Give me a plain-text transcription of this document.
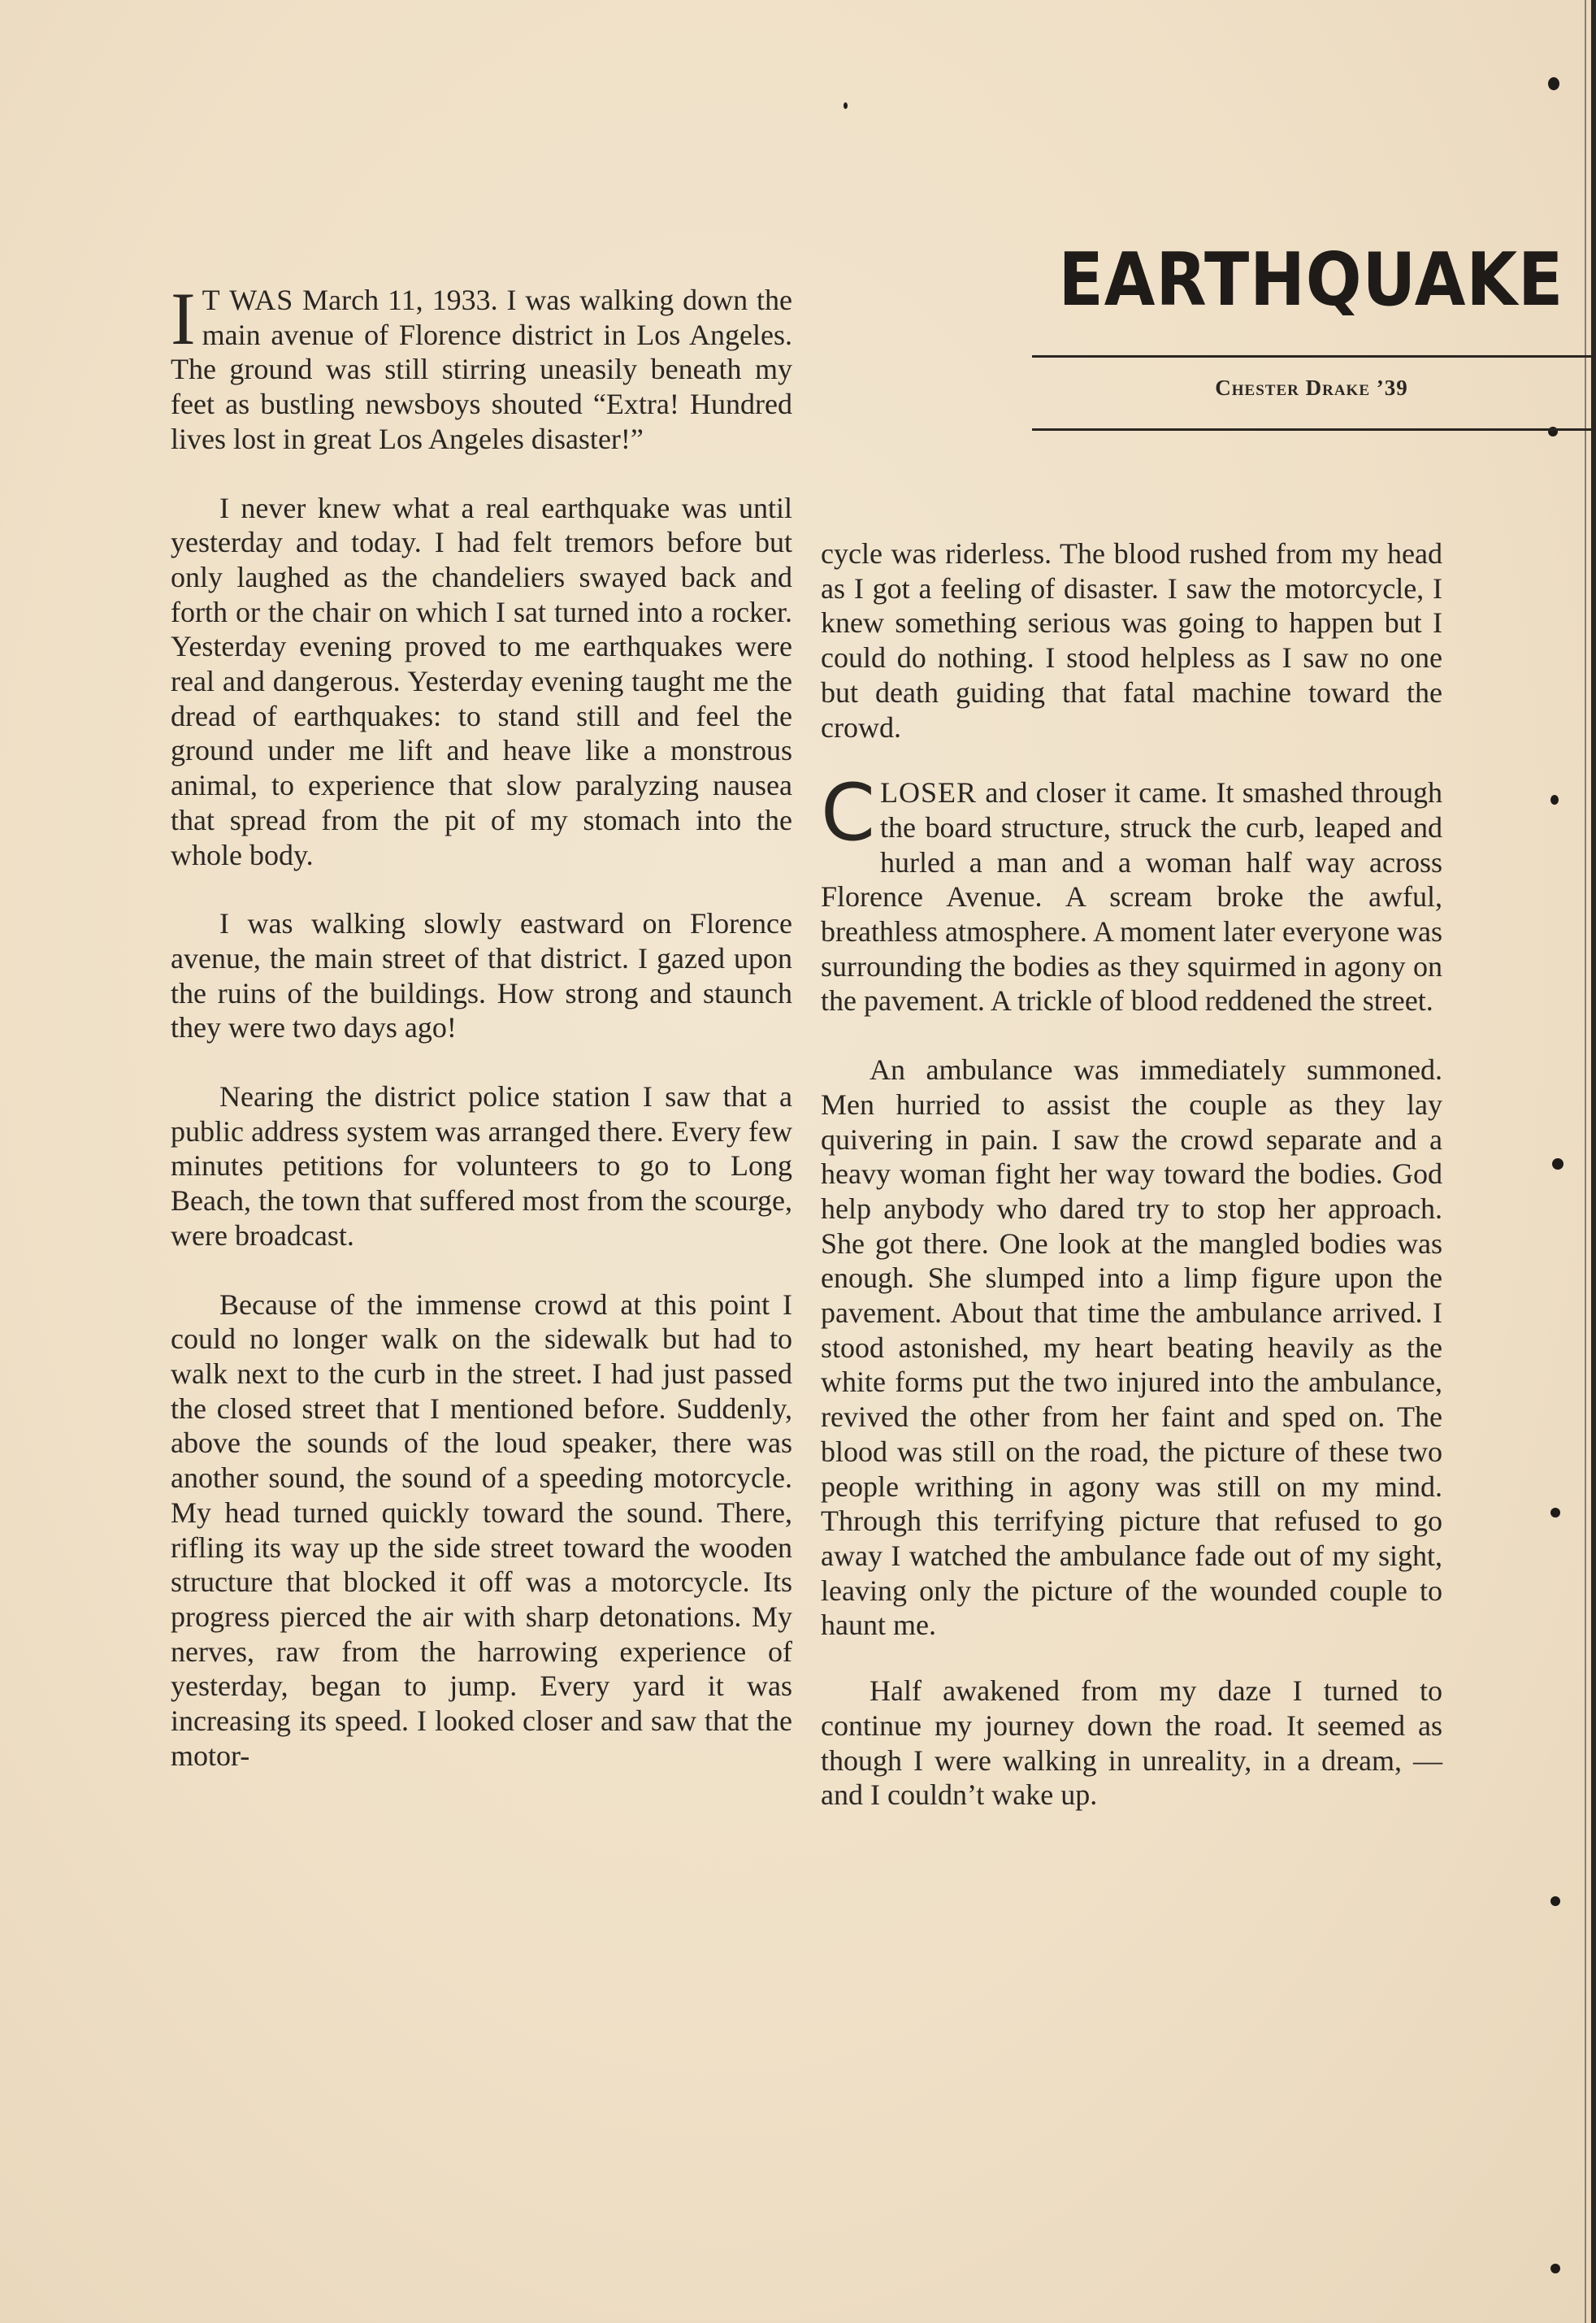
EARTHQUAKE
Chester Drake ’39

I T WAS March 11, 1933. I was walking down the main avenue of Florence district in Los Angeles. The ground was still stirring uneasily beneath my feet as bustling newsboys shouted “Extra! Hundred lives lost in great Los Angeles disaster!”

I never knew what a real earthquake was until yesterday and today. I had felt tremors before but only laughed as the chandeliers swayed back and forth or the chair on which I sat turned into a rocker. Yesterday evening proved to me earthquakes were real and dangerous. Yesterday evening taught me the dread of earthquakes: to stand still and feel the ground under me lift and heave like a monstrous animal, to experience that slow paralyzing nausea that spread from the pit of my stomach into the whole body.

I was walking slowly eastward on Florence avenue, the main street of that district. I gazed upon the ruins of the buildings. How strong and staunch they were two days ago!

Nearing the district police station I saw that a public address system was arranged there. Every few minutes petitions for volunteers to go to Long Beach, the town that suffered most from the scourge, were broadcast.

Because of the immense crowd at this point I could no longer walk on the sidewalk but had to walk next to the curb in the street. I had just passed the closed street that I mentioned before. Suddenly, above the sounds of the loud speaker, there was another sound, the sound of a speeding motorcycle. My head turned quickly toward the sound. There, rifling its way up the side street toward the wooden structure that blocked it off was a motorcycle. Its progress pierced the air with sharp detonations. My nerves, raw from the harrowing experience of yesterday, began to jump. Every yard it was increasing its speed. I looked closer and saw that the motor-

cycle was riderless. The blood rushed from my head as I got a feeling of disaster. I saw the motorcycle, I knew something serious was going to happen but I could do nothing. I stood helpless as I saw no one but death guiding that fatal machine toward the crowd.

CLOSER and closer it came. It smashed through the board structure, struck the curb, leaped and hurled a man and a woman half way across Florence Avenue. A scream broke the awful, breathless atmosphere. A moment later everyone was surrounding the bodies as they squirmed in agony on the pavement. A trickle of blood reddened the street.

An ambulance was immediately summoned. Men hurried to assist the couple as they lay quivering in pain. I saw the crowd separate and a heavy woman fight her way toward the bodies. God help anybody who dared try to stop her approach. She got there. One look at the mangled bodies was enough. She slumped into a limp figure upon the pavement. About that time the ambulance arrived. I stood astonished, my heart beating heavily as the white forms put the two injured into the ambulance, revived the other from her faint and sped on. The blood was still on the road, the picture of these two people writhing in agony was still on my mind. Through this terrifying picture that refused to go away I watched the ambulance fade out of my sight, leaving only the picture of the wounded couple to haunt me.

Half awakened from my daze I turned to continue my journey down the road. It seemed as though I were walking in unreality, in a dream, — and I couldn’t wake up.
